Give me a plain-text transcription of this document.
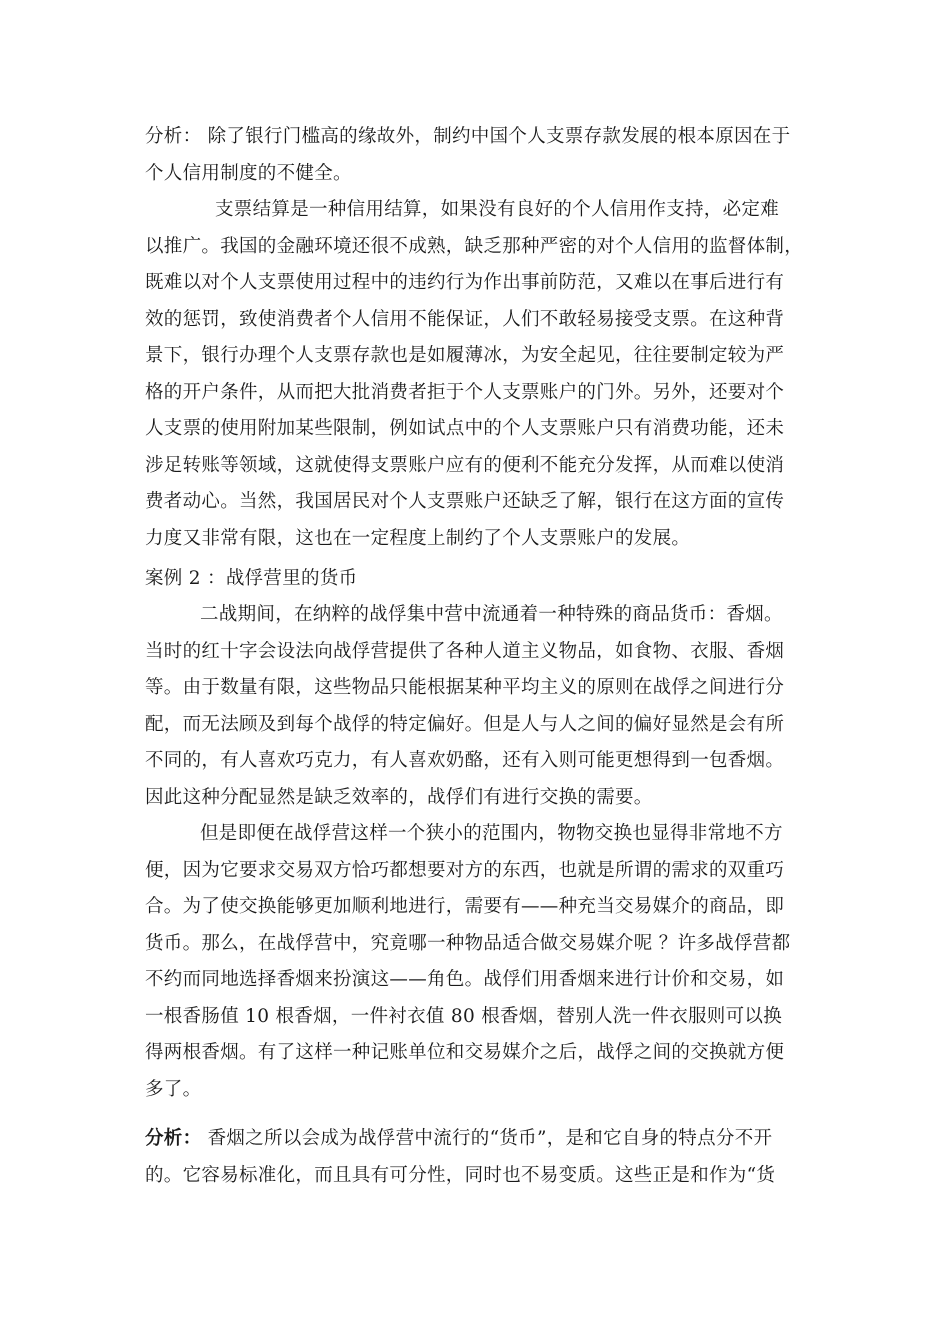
分析： 除了银行门槛高的缘故外，制约中国个人支票存款发展的根本原因在于
个人信用制度的不健全。
支票结算是一种信用结算，如果没有良好的个人信用作支持，必定难
以推广。我国的金融环境还很不成熟，缺乏那种严密的对个人信用的监督体制，
既难以对个人支票使用过程中的违约行为作出事前防范，又难以在事后进行有
效的惩罚，致使消费者个人信用不能保证，人们不敢轻易接受支票。在这种背
景下，银行办理个人支票存款也是如履薄冰，为安全起见，往往要制定较为严
格的开户条件，从而把大批消费者拒于个人支票账户的门外。另外，还要对个
人支票的使用附加某些限制，例如试点中的个人支票账户只有消费功能，还未
涉足转账等领域，这就使得支票账户应有的便利不能充分发挥，从而难以使消
费者动心。当然，我国居民对个人支票账户还缺乏了解，银行在这方面的宣传
力度又非常有限，这也在一定程度上制约了个人支票账户的发展。
案例 2 ：战俘营里的货币
二战期间，在纳粹的战俘集中营中流通着一种特殊的商品货币：香烟。
当时的红十字会设法向战俘营提供了各种人道主义物品，如食物、衣服、香烟
等。由于数量有限，这些物品只能根据某种平均主义的原则在战俘之间进行分
配，而无法顾及到每个战俘的特定偏好。但是人与人之间的偏好显然是会有所
不同的，有人喜欢巧克力，有人喜欢奶酪，还有入则可能更想得到一包香烟。
因此这种分配显然是缺乏效率的，战俘们有进行交换的需要。
但是即便在战俘营这样一个狭小的范围内，物物交换也显得非常地不方
便，因为它要求交易双方恰巧都想要对方的东西，也就是所谓的需求的双重巧
合。为了使交换能够更加顺利地进行，需要有——种充当交易媒介的商品，即
货币。那么，在战俘营中，究竟哪一种物品适合做交易媒介呢 ？许多战俘营都
不约而同地选择香烟来扮演这——角色。战俘们用香烟来进行计价和交易，如
一根香肠值 10 根香烟，一件衬衣值 80 根香烟，替别人洗一件衣服则可以换
得两根香烟。有了这样一种记账单位和交易媒介之后，战俘之间的交换就方便
多了。
分析： 香烟之所以会成为战俘营中流行的“货币”，是和它自身的特点分不开
的。它容易标准化，而且具有可分性，同时也不易变质。这些正是和作为“货
